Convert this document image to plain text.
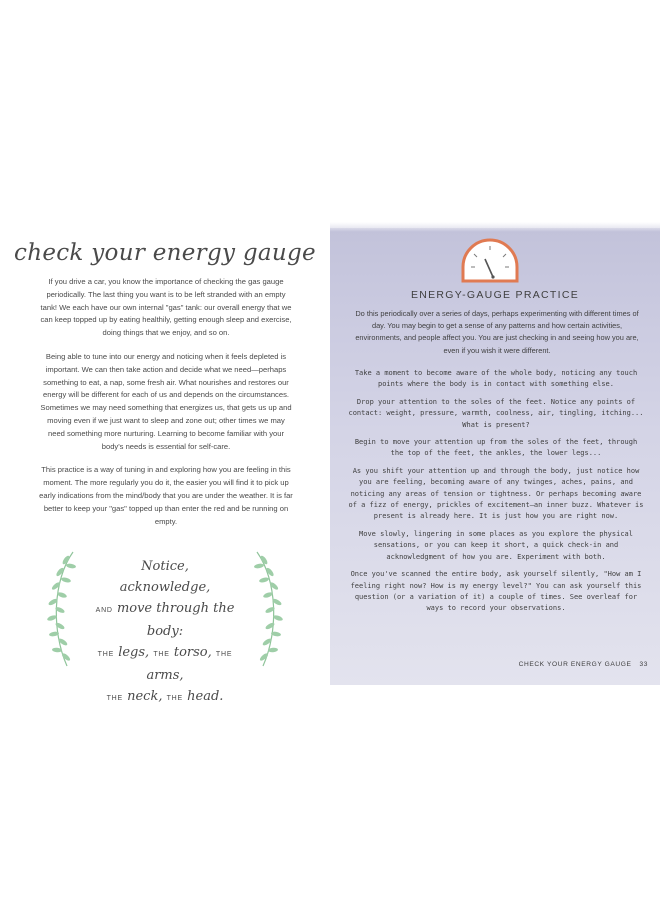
check your energy gauge

If you drive a car, you know the importance of checking the gas gauge periodically. The last thing you want is to be left stranded with an empty tank! We each have our own internal "gas" tank: our overall energy that we can keep topped up by eating healthily, getting enough sleep and exercise, doing things that we enjoy, and so on.

Being able to tune into our energy and noticing when it feels depleted is important. We can then take action and decide what we need—perhaps something to eat, a nap, some fresh air. What nourishes and restores our energy will be different for each of us and depends on the circumstances. Sometimes we may need something that energizes us, that gets us up and moving even if we just want to sleep and zone out; other times we may need something more nurturing. Learning to become familiar with your body's needs is essential for self-care.

This practice is a way of tuning in and exploring how you are feeling in this moment. The more regularly you do it, the easier you will find it to pick up early indications from the mind/body that you are under the weather. It is far better to keep your "gas" topped up than enter the red and be running on empty.

Notice,
acknowledge,
AND move through the body:
THE legs, THE torso, THE arms,
THE neck, THE head.
ENERGY-GAUGE PRACTICE

Do this periodically over a series of days, perhaps experimenting with different times of day. You may begin to get a sense of any patterns and how certain activities, environments, and people affect you. You are just checking in and seeing how you are, even if you wish it were different.

Take a moment to become aware of the whole body, noticing any touch points where the body is in contact with something else.

Drop your attention to the soles of the feet. Notice any points of contact: weight, pressure, warmth, coolness, air, tingling, itching... What is present?

Begin to move your attention up from the soles of the feet, through the top of the feet, the ankles, the lower legs...

As you shift your attention up and through the body, just notice how you are feeling, becoming aware of any twinges, aches, pains, and noticing any areas of tension or tightness. Or perhaps becoming aware of a fizz of energy, prickles of excitement—an inner buzz. Whatever is present is already here. It is just how you are right now.

Move slowly, lingering in some places as you explore the physical sensations, or you can keep it short, a quick check-in and acknowledgment of how you are. Experiment with both.

Once you've scanned the entire body, ask yourself silently, "How am I feeling right now? How is my energy level?" You can ask yourself this question (or a variation of it) a couple of times. See overleaf for ways to record your observations.

CHECK YOUR ENERGY GAUGE 33
